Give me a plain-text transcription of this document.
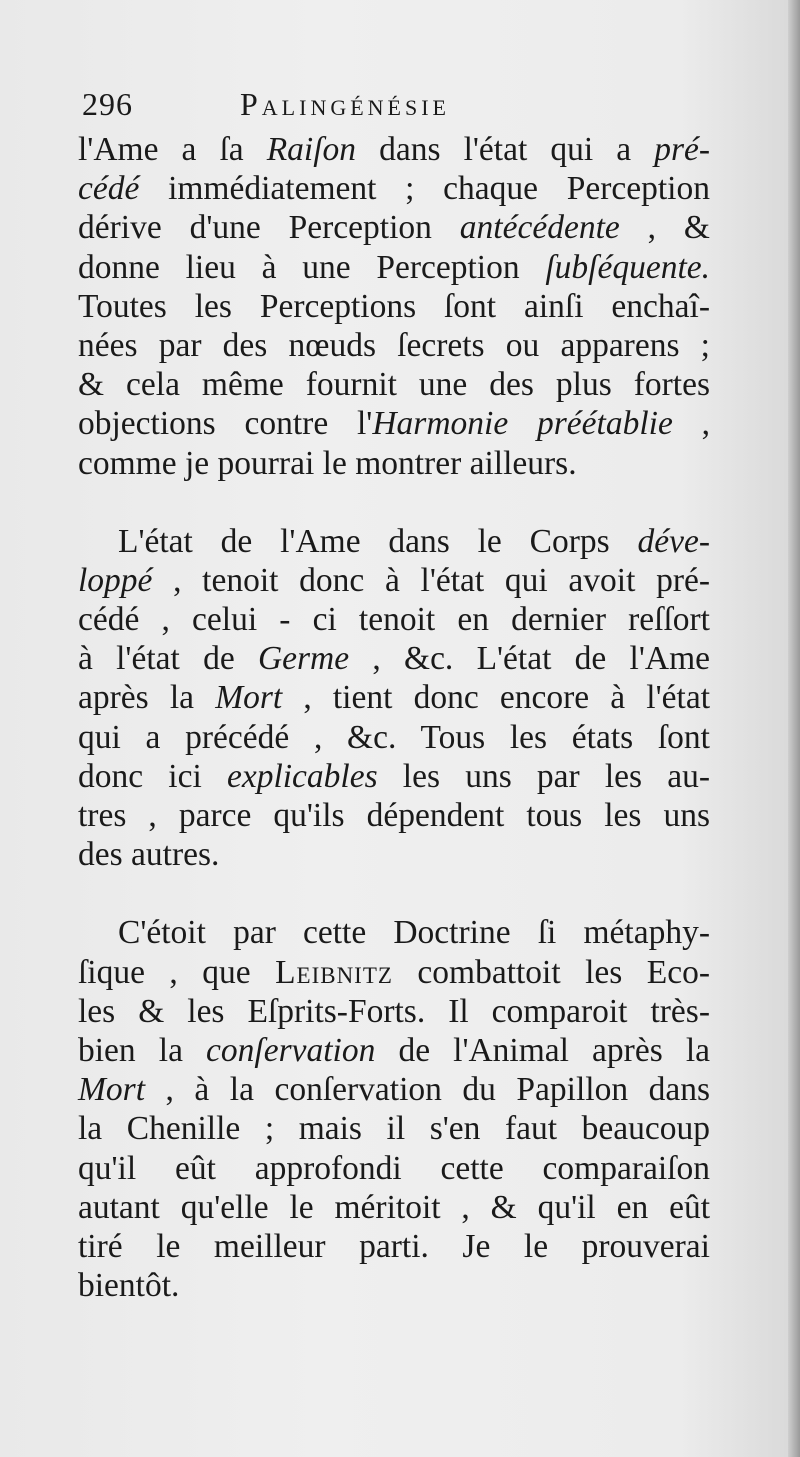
296	Palingénésie
l'Ame a ſa Raiſon dans l'état qui a pré-
cédé immédiatement ; chaque Perception
dérive d'une Perception antécédente , &
donne lieu à une Perception ſubſéquente.
Toutes les Perceptions ſont ainſi enchaî-
nées par des nœuds ſecrets ou apparens ;
& cela même fournit une des plus fortes
objections contre l'Harmonie préétablie ,
comme je pourrai le montrer ailleurs.
L'état de l'Ame dans le Corps déve-
loppé , tenoit donc à l'état qui avoit pré-
cédé , celui - ci tenoit en dernier reſſort
à l'état de Germe , &c. L'état de l'Ame
après la Mort , tient donc encore à l'état
qui a précédé , &c. Tous les états ſont
donc ici explicables les uns par les au-
tres , parce qu'ils dépendent tous les uns
des autres.
C'étoit par cette Doctrine ſi métaphy-
ſique , que Leibnitz combattoit les Eco-
les & les Eſprits-Forts. Il comparoit très-
bien la conſervation de l'Animal après la
Mort , à la conſervation du Papillon dans
la Chenille ; mais il s'en faut beaucoup
qu'il eût approfondi cette comparaiſon
autant qu'elle le méritoit , & qu'il en eût
tiré le meilleur parti. Je le prouverai
bientôt.
